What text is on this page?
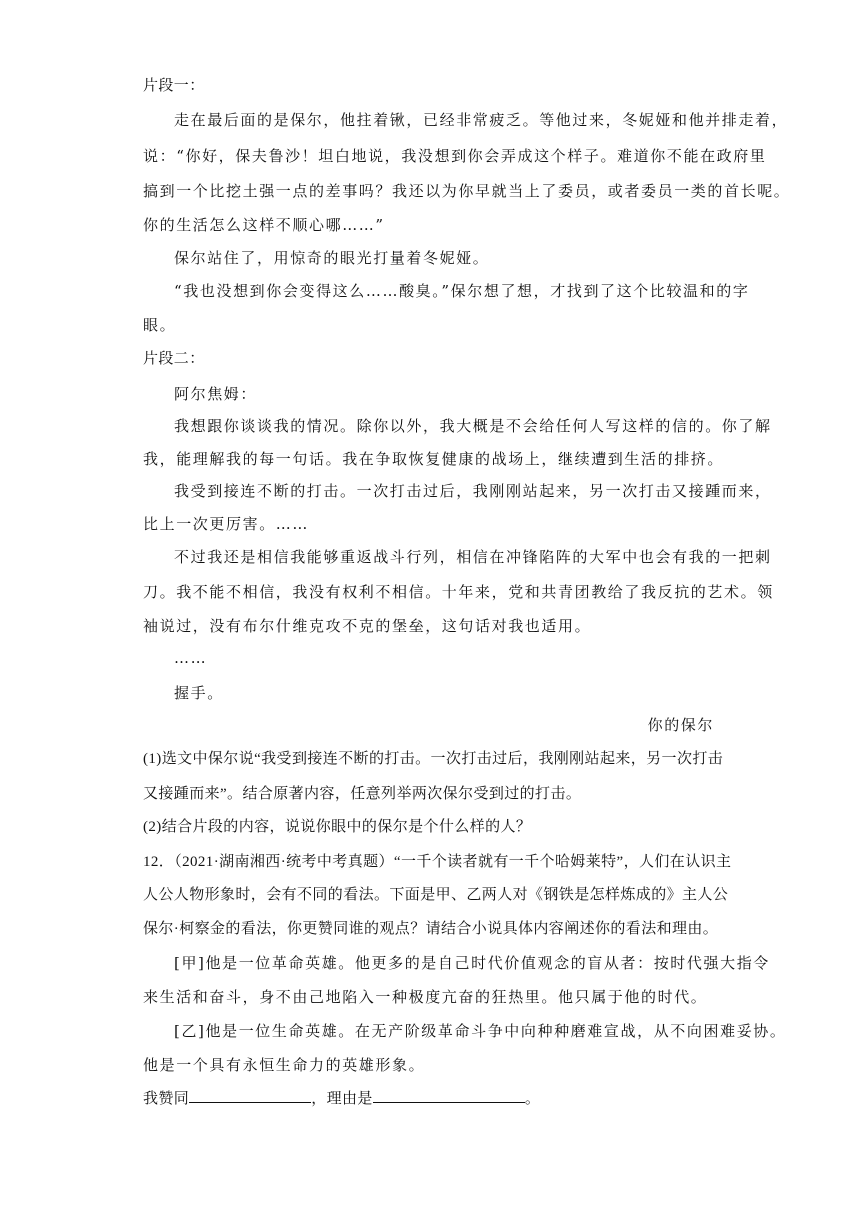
片段一：
走在最后面的是保尔，他拄着锹，已经非常疲乏。等他过来，冬妮娅和他并排走着，
说：“你好，保夫鲁沙！坦白地说，我没想到你会弄成这个样子。难道你不能在政府里
搞到一个比挖土强一点的差事吗？我还以为你早就当上了委员，或者委员一类的首长呢。
你的生活怎么这样不顺心哪……”
保尔站住了，用惊奇的眼光打量着冬妮娅。
“我也没想到你会变得这么……酸臭。”保尔想了想，才找到了这个比较温和的字
眼。
片段二：
阿尔焦姆：
我想跟你谈谈我的情况。除你以外，我大概是不会给任何人写这样的信的。你了解
我，能理解我的每一句话。我在争取恢复健康的战场上，继续遭到生活的排挤。
我受到接连不断的打击。一次打击过后，我刚刚站起来，另一次打击又接踵而来，
比上一次更厉害。……
不过我还是相信我能够重返战斗行列，相信在冲锋陷阵的大军中也会有我的一把刺
刀。我不能不相信，我没有权利不相信。十年来，党和共青团教给了我反抗的艺术。领
袖说过，没有布尔什维克攻不克的堡垒，这句话对我也适用。
……
握手。
你的保尔
(1)选文中保尔说“我受到接连不断的打击。一次打击过后，我刚刚站起来，另一次打击
又接踵而来”。结合原著内容，任意列举两次保尔受到过的打击。
(2)结合片段的内容，说说你眼中的保尔是个什么样的人？
12．（2021·湖南湘西·统考中考真题）“一千个读者就有一千个哈姆莱特”，人们在认识主
人公人物形象时，会有不同的看法。下面是甲、乙两人对《钢铁是怎样炼成的》主人公
保尔·柯察金的看法，你更赞同谁的观点？请结合小说具体内容阐述你的看法和理由。
[甲]他是一位革命英雄。他更多的是自己时代价值观念的盲从者：按时代强大指令
来生活和奋斗，身不由己地陷入一种极度亢奋的狂热里。他只属于他的时代。
[乙]他是一位生命英雄。在无产阶级革命斗争中向种种磨难宣战，从不向困难妥协。
他是一个具有永恒生命力的英雄形象。
我赞同	，理由是	。
